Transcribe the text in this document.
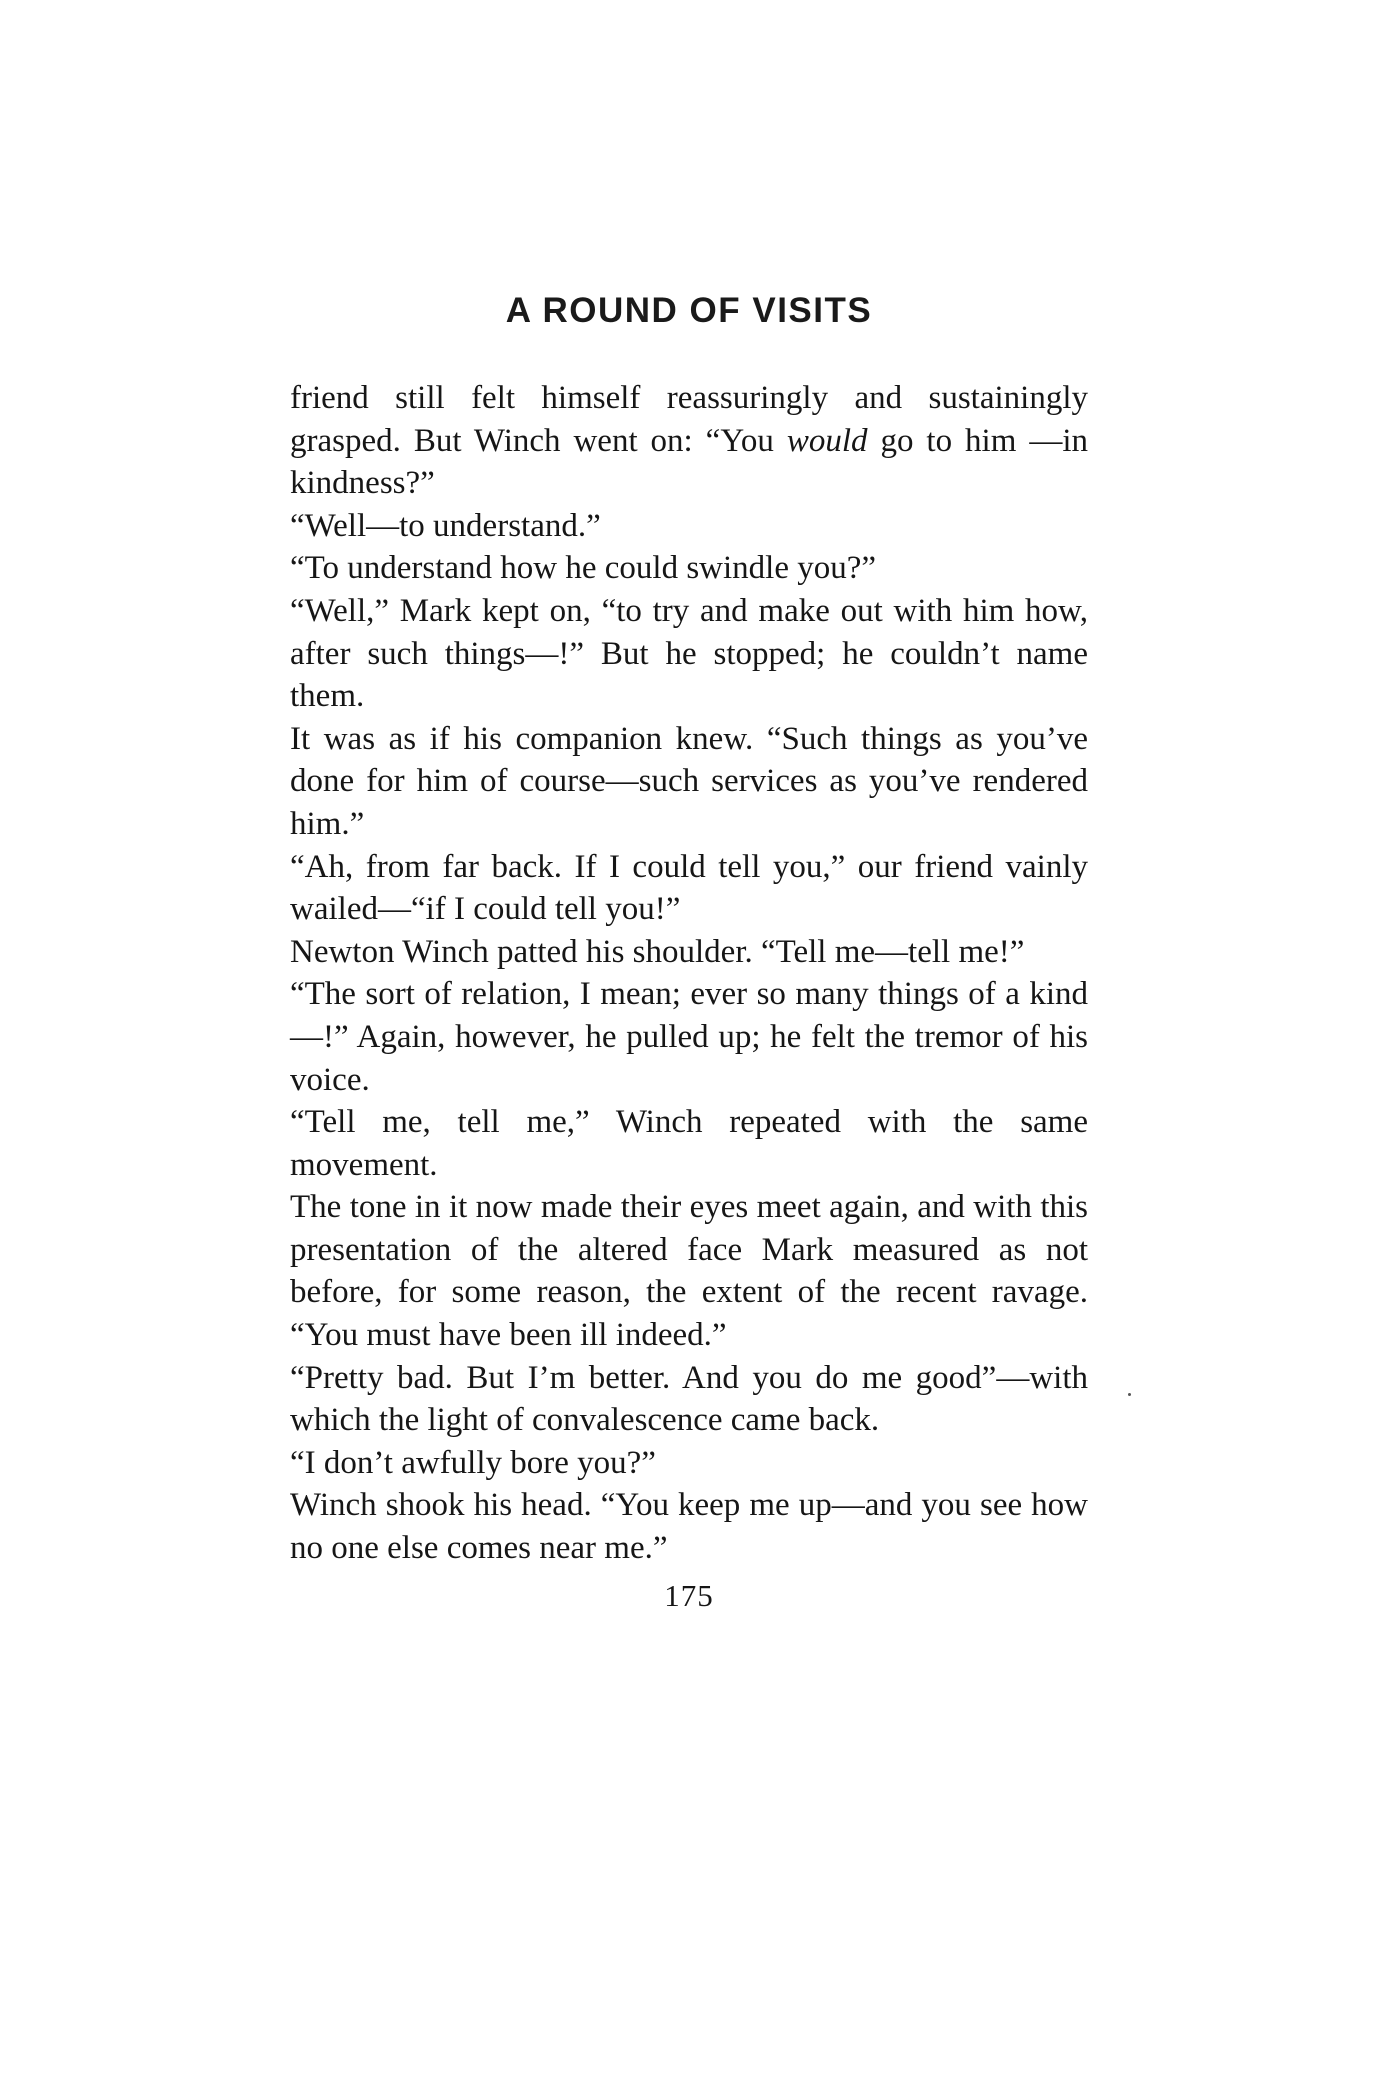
A ROUND OF VISITS

friend still felt himself reassuringly and sustainingly grasped. But Winch went on: “You would go to him —in kindness?”

“Well—to understand.”

“To understand how he could swindle you?”

“Well,” Mark kept on, “to try and make out with him how, after such things—!” But he stopped; he couldn’t name them.

It was as if his companion knew. “Such things as you’ve done for him of course—such services as you’ve rendered him.”

“Ah, from far back. If I could tell you,” our friend vainly wailed—“if I could tell you!”

Newton Winch patted his shoulder. “Tell me—tell me!”

“The sort of relation, I mean; ever so many things of a kind—!” Again, however, he pulled up; he felt the tremor of his voice.

“Tell me, tell me,” Winch repeated with the same movement.

The tone in it now made their eyes meet again, and with this presentation of the altered face Mark measured as not before, for some reason, the extent of the recent ravage. “You must have been ill indeed.”

“Pretty bad. But I’m better. And you do me good”—with which the light of convalescence came back.

“I don’t awfully bore you?”

Winch shook his head. “You keep me up—and you see how no one else comes near me.”

175
